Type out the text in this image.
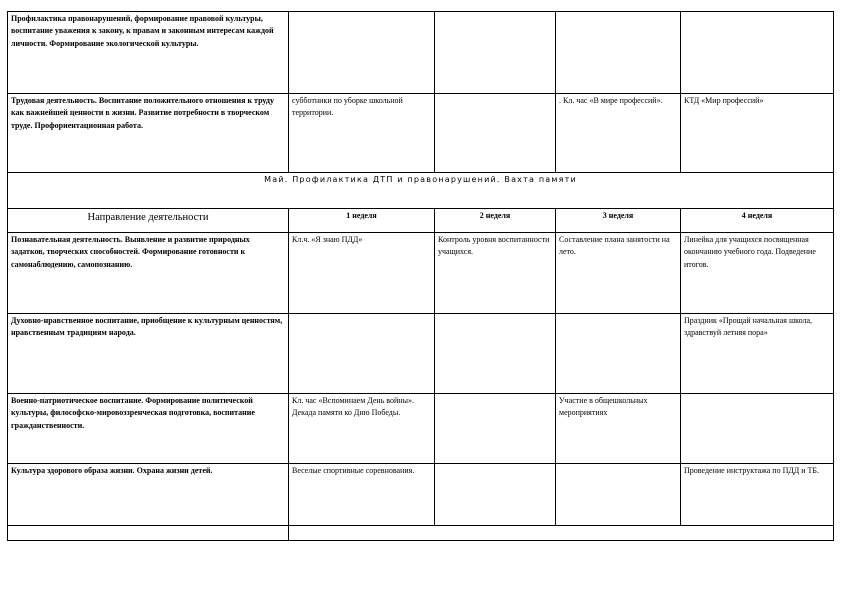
Профилактика правонарушений, формирование правовой культуры, воспитание уважения к закону, к правам и законным интересам каждой личности. Формирование экологической культуры.				
Трудовая деятельность. Воспитание положительного отношения к труду как важнейшей ценности в жизни. Развитие потребности в творческом труде. Профориентационная работа.	субботники по уборке школьной территории.		. Кл. час «В мире профессий».	КТД «Мир профессий»
Май. Профилактика ДТП и правонарушений. Вахта памяти				
Направление деятельности	1 неделя	2 неделя	3 неделя	4 неделя
Познавательная деятельность. Выявление и развитие природных задатков, творческих способностей. Формирование готовности к самонаблюдению, самопознанию.	Кл.ч. «Я знаю ПДД»	Контроль уровня воспитанности учащихся.	Составление плана занятости на лето.	Линейка для учащихся посвященная окончанию учебного года. Подведение итогов.
Духовно-нравственное воспитание, приобщение к культурным ценностям, нравственным традициям народа.				Праздник «Прощай начальная школа, здравствуй летняя пора»
Военно-патриотическое воспитание. Формирование политической культуры, философско-мировоззренческая подготовка, воспитание гражданственности.	Кл. час «Вспоминаем День войны». Декада памяти ко Дню Победы.		Участие в общешкольных мероприятиях	
Культура здорового образа жизни. Охрана жизни детей.	Веселые спортивные соревнования.			Проведение инструктажа по ПДД и ТБ.
